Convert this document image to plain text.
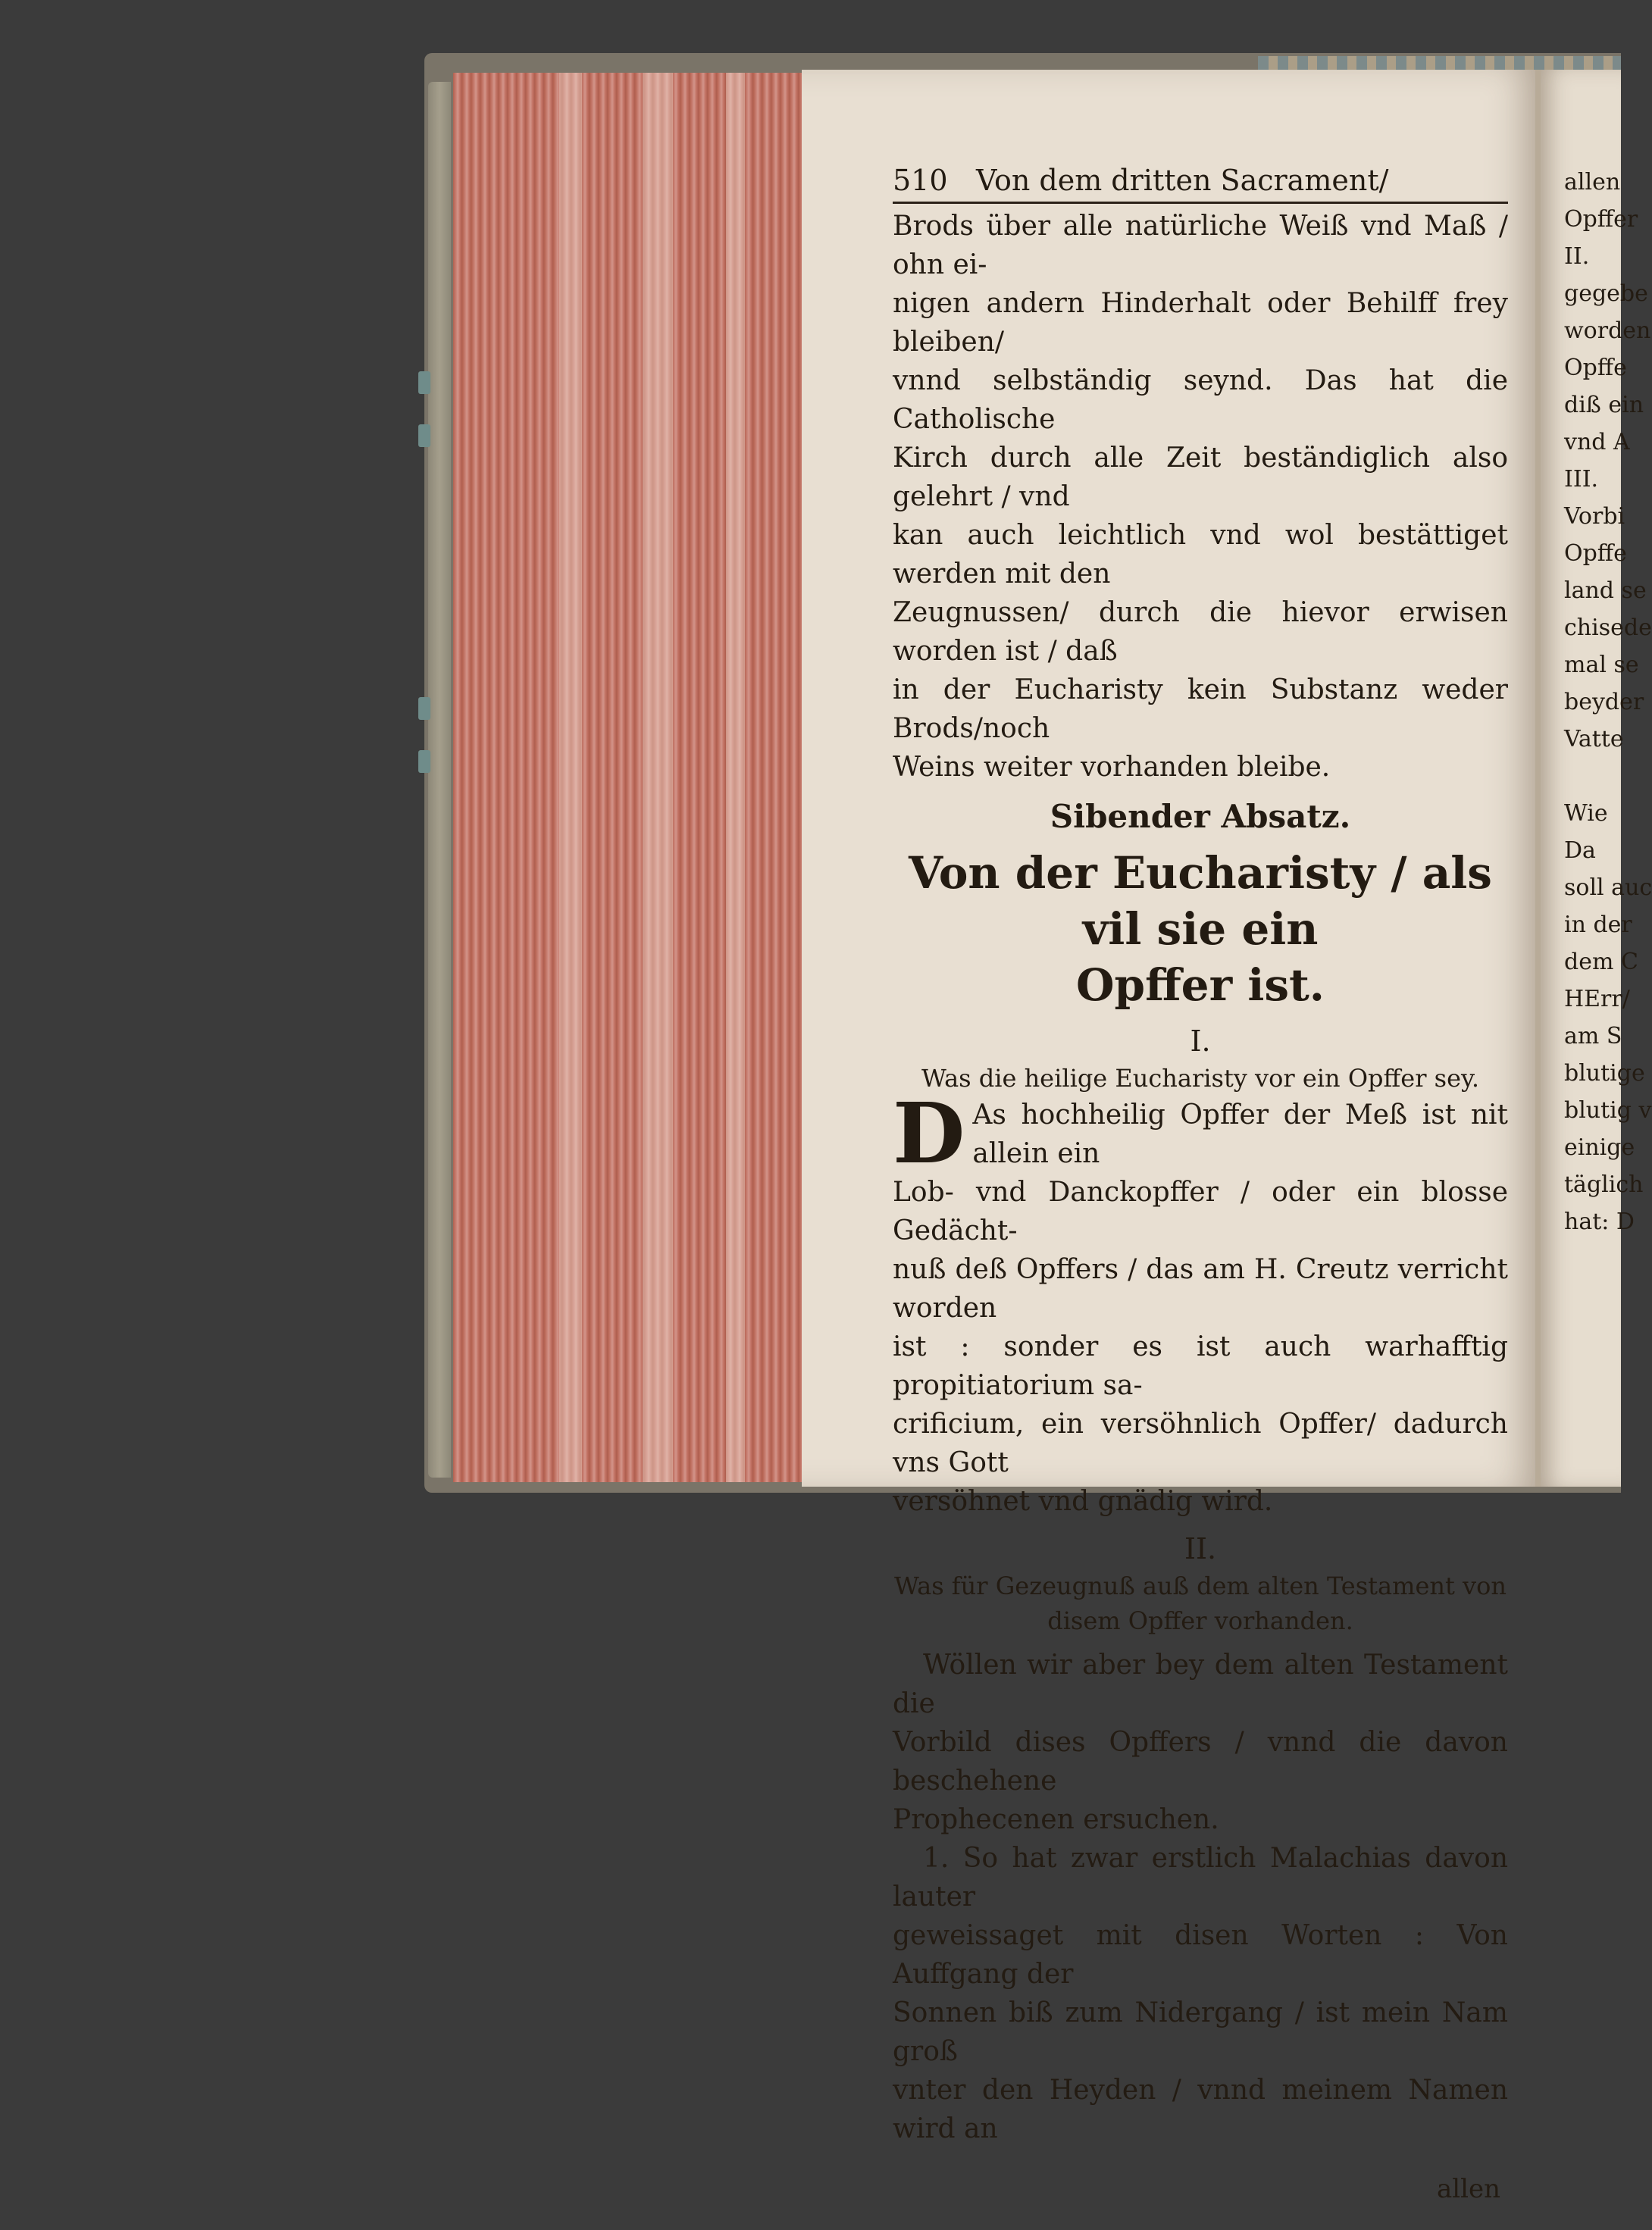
510 Von dem dritten Sacrament/

Brods über alle natürliche Weiß vnd Maß / ohn ei-

nigen andern Hinderhalt oder Behilff frey bleiben/

vnnd selbständig seynd. Das hat die Catholische

Kirch durch alle Zeit beständiglich also gelehrt / vnd

kan auch leichtlich vnd wol bestättiget werden mit den

Zeugnussen/ durch die hievor erwisen worden ist / daß

in der Eucharisty kein Substanz weder Brods/noch

Weins weiter vorhanden bleibe.

Sibender Absatz.

Von der Eucharisty / als vil sie ein

Opffer ist.

I.

Was die heilige Eucharisty vor ein Opffer sey.

D As hochheilig Opffer der Meß ist nit allein ein

Lob- vnd Danckopffer / oder ein blosse Gedächt-

nuß deß Opffers / das am H. Creutz verricht worden

ist : sonder es ist auch warhafftig propitiatorium sa-

crificium, ein versöhnlich Opffer/ dadurch vns Gott

versöhnet vnd gnädig wird.

II.

Was für Gezeugnuß auß dem alten Testament von

disem Opffer vorhanden.

Wöllen wir aber bey dem alten Testament die

Vorbild dises Opffers / vnnd die davon beschehene

Prophecenen ersuchen.

1. So hat zwar erstlich Malachias davon lauter

geweissaget mit disen Worten : Von Auffgang der

Sonnen biß zum Nidergang / ist mein Nam groß

vnter den Heyden / vnnd meinem Namen wird an

allen

allen
Opffer
II.
gegebe
worden
Opffe
diß ein
vnd A
III.
Vorbi
Opffe
land se
chisede
mal se
beyder
Vatte

Wie
Da
soll auc
in der
dem C
HErr/
am S
blutige
blutig v
einige
täglich
hat: D
